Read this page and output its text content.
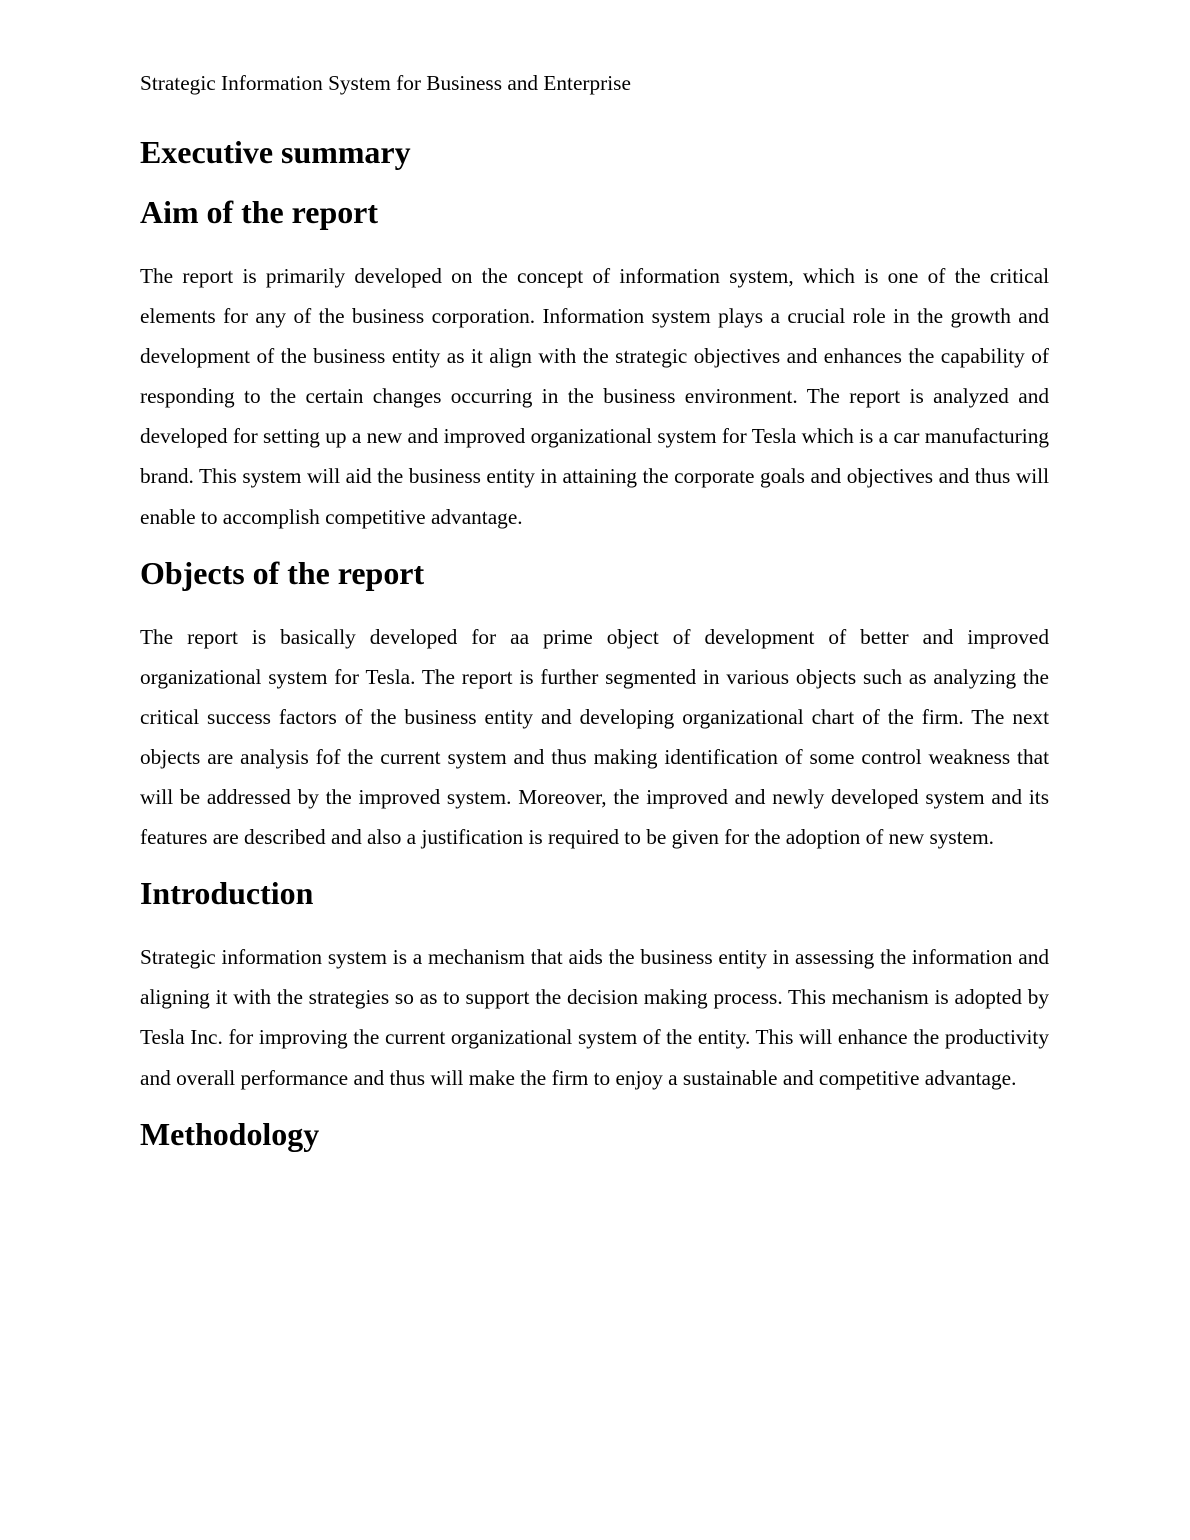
Strategic Information System for Business and Enterprise

Executive summary
Aim of the report

The report is primarily developed on the concept of information system, which is one of the critical elements for any of the business corporation. Information system plays a crucial role in the growth and development of the business entity as it align with the strategic objectives and enhances the capability of responding to the certain changes occurring in the business environment. The report is analyzed and developed for setting up a new and improved organizational system for Tesla which is a car manufacturing brand. This system will aid the business entity in attaining the corporate goals and objectives and thus will enable to accomplish competitive advantage.

Objects of the report

The report is basically developed for aa prime object of development of better and improved organizational system for Tesla. The report is further segmented in various objects such as analyzing the critical success factors of the business entity and developing organizational chart of the firm. The next objects are analysis fof the current system and thus making identification of some control weakness that will be addressed by the improved system. Moreover, the improved and newly developed system and its features are described and also a justification is required to be given for the adoption of new system.

Introduction

Strategic information system is a mechanism that aids the business entity in assessing the information and aligning it with the strategies so as to support the decision making process. This mechanism is adopted by Tesla Inc. for improving the current organizational system of the entity. This will enhance the productivity and overall performance and thus will make the firm to enjoy a sustainable and competitive advantage.

Methodology
